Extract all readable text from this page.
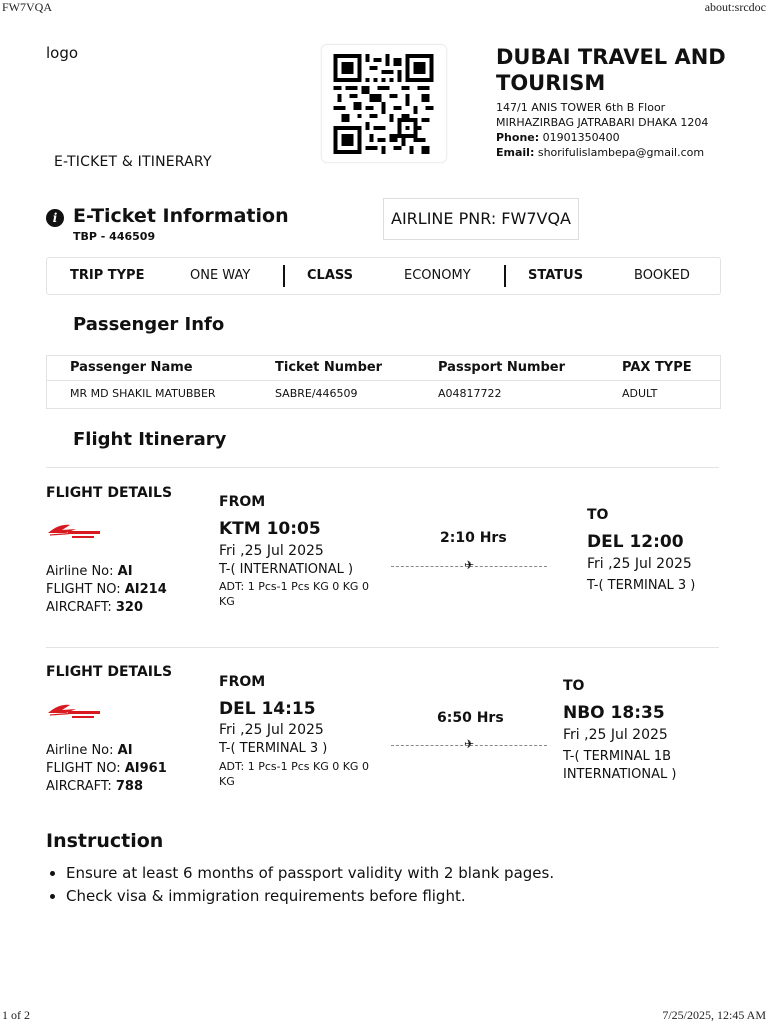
FW7VQA	about:srcdoc
1 of 2	7/25/2025, 12:45 AM
logo
E-TICKET & ITINERARY
DUBAI TRAVEL AND TOURISM
147/1 ANIS TOWER 6th B Floor
MIRHAZIRBAG JATRABARI DHAKA 1204
Phone: 01901350400
Email: shorifulislambepa@gmail.com
i E-Ticket Information
TBP - 446509
AIRLINE PNR: FW7VQA
TRIP TYPE	ONE WAY	CLASS	ECONOMY	STATUS	BOOKED
Passenger Info
Passenger Name	Ticket Number	Passport Number	PAX TYPE
MR MD SHAKIL MATUBBER	SABRE/446509	A04817722	ADULT
Flight Itinerary
FLIGHT DETAILS
Airline No: AI
FLIGHT NO: AI214
AIRCRAFT: 320
FROM
KTM 10:05
Fri ,25 Jul 2025
T-( INTERNATIONAL )
ADT: 1 Pcs-1 Pcs KG 0 KG 0 KG
2:10 Hrs
✈
TO
DEL 12:00
Fri ,25 Jul 2025
T-( TERMINAL 3 )
FLIGHT DETAILS
Airline No: AI
FLIGHT NO: AI961
AIRCRAFT: 788
FROM
DEL 14:15
Fri ,25 Jul 2025
T-( TERMINAL 3 )
ADT: 1 Pcs-1 Pcs KG 0 KG 0 KG
6:50 Hrs
✈
TO
NBO 18:35
Fri ,25 Jul 2025
T-( TERMINAL 1B INTERNATIONAL )
Instruction
• Ensure at least 6 months of passport validity with 2 blank pages.
• Check visa & immigration requirements before flight.
